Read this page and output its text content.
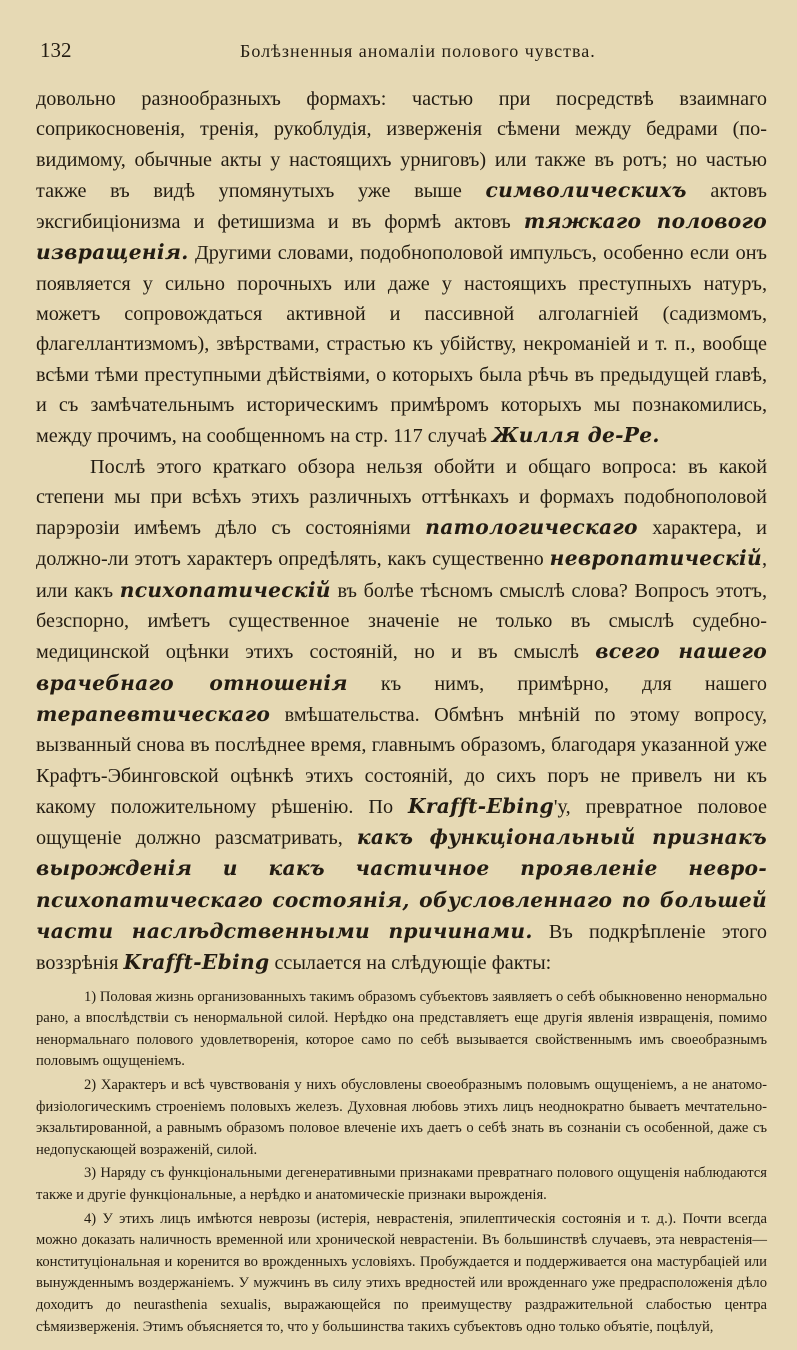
132	Болѣзненныя аномаліи полового чувства.

довольно разнообразныхъ формахъ: частью при посредствѣ взаимнаго соприкосновенія, тренія, рукоблудія, изверженія сѣмени между бедрами (по-видимому, обычные акты у настоящихъ урниговъ) или также въ ротъ; но частью также въ видѣ упомянутыхъ уже выше символическихъ актовъ эксгибиціонизма и фетишизма и въ формѣ актовъ тяжкаго полового извращенія. Другими словами, подобнополовой импульсъ, особенно если онъ появляется у сильно порочныхъ или даже у настоящихъ преступныхъ натуръ, можетъ сопровождаться активной и пассивной алголагніей (садизмомъ, флагеллантизмомъ), звѣрствами, страстью къ убійству, некроманіей и т. п., вообще всѣми тѣми преступными дѣйствіями, о которыхъ была рѣчь въ предыдущей главѣ, и съ замѣчательнымъ историческимъ примѣромъ которыхъ мы познакомились, между прочимъ, на сообщенномъ на стр. 117 случаѣ Жилля де-Ре.

Послѣ этого краткаго обзора нельзя обойти и общаго вопроса: въ какой степени мы при всѣхъ этихъ различныхъ оттѣнкахъ и формахъ подобнополовой парэрозіи имѣемъ дѣло съ состояніями патологическаго характера, и должно-ли этотъ характеръ опредѣлять, какъ существенно невропатическій, или какъ психопатическій въ болѣе тѣсномъ смыслѣ слова? Вопросъ этотъ, безспорно, имѣетъ существенное значеніе не только въ смыслѣ судебно-медицинской оцѣнки этихъ состояній, но и въ смыслѣ всего нашего врачебнаго отношенія къ нимъ, примѣрно, для нашего терапевтическаго вмѣшательства. Обмѣнъ мнѣній по этому вопросу, вызванный снова въ послѣднее время, главнымъ образомъ, благодаря указанной уже Крафтъ-Эбинговской оцѣнкѣ этихъ состояній, до сихъ поръ не привелъ ни къ какому положительному рѣшенію. По Krafft-Ebing'у, превратное половое ощущеніе должно разсматривать, какъ функціональный признакъ вырожденія и какъ частичное проявленіе невро-психопатическаго состоянія, обусловленнаго по большей части наслѣдственными причинами. Въ подкрѣпленіе этого воззрѣнія Krafft-Ebing ссылается на слѣдующіе факты:

1) Половая жизнь организованныхъ такимъ образомъ субъектовъ заявляетъ о себѣ обыкновенно ненормально рано, а впослѣдствіи съ ненормальной силой. Нерѣдко она представляетъ еще другія явленія извращенія, помимо ненормальнаго полового удовлетворенія, которое само по себѣ вызывается свойственнымъ имъ своеобразнымъ половымъ ощущеніемъ.

2) Характеръ и всѣ чувствованія у нихъ обусловлены своеобразнымъ половымъ ощущеніемъ, а не анатомо-физіологическимъ строеніемъ половыхъ железъ. Духовная любовь этихъ лицъ неоднократно бываетъ мечтательно-экзальтированной, а равнымъ образомъ половое влеченіе ихъ даетъ о себѣ знать въ сознаніи съ особенной, даже съ недопускающей возраженій, силой.

3) Наряду съ функціональными дегенеративными признаками превратнаго полового ощущенія наблюдаются также и другіе функціональные, а нерѣдко и анатомическіе признаки вырожденія.

4) У этихъ лицъ имѣются неврозы (истерія, неврастенія, эпилептическія состоянія и т. д.). Почти всегда можно доказать наличность временной или хронической неврастеніи. Въ большинствѣ случаевъ, эта неврастенія—конституціональная и коренится во врожденныхъ условіяхъ. Пробуждается и поддерживается она мастурбаціей или вынужденнымъ воздержаніемъ. У мужчинъ въ силу этихъ вредностей или врожденнаго уже предрасположенія дѣло доходитъ до neurasthenia sexualis, выражающейся по преимуществу раздражительной слабостью центра сѣмяизверженія. Этимъ объясняется то, что у большинства такихъ субъектовъ одно только объятіе, поцѣлуй,
